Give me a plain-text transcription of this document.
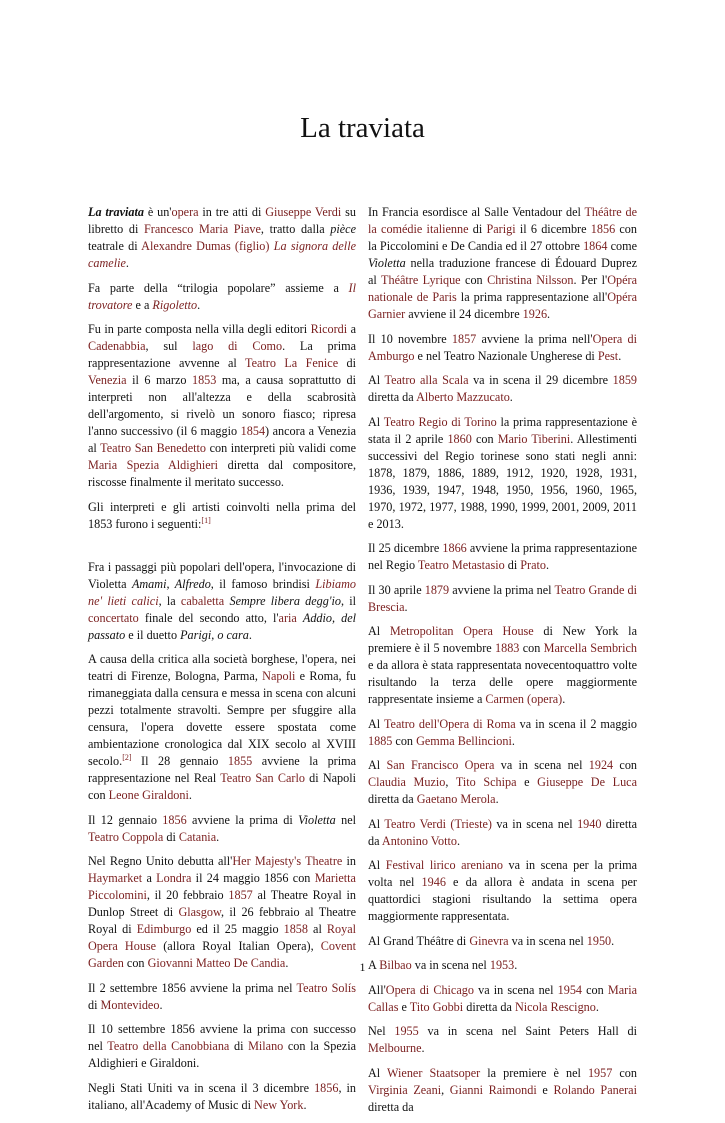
La traviata

La traviata è un'opera in tre atti di Giuseppe Verdi su libretto di Francesco Maria Piave, tratto dalla pièce teatrale di Alexandre Dumas (figlio) La signora delle camelie.

Fa parte della “trilogia popolare” assieme a Il trovatore e a Rigoletto.

Fu in parte composta nella villa degli editori Ricordi a Cadenabbia, sul lago di Como. La prima rappresentazione avvenne al Teatro La Fenice di Venezia il 6 marzo 1853 ma, a causa soprattutto di interpreti non all'altezza e della scabrosità dell'argomento, si rivelò un sonoro fiasco; ripresa l'anno successivo (il 6 maggio 1854) ancora a Venezia al Teatro San Benedetto con interpreti più validi come Maria Spezia Aldighieri diretta dal compositore, riscosse finalmente il meritato successo.

Gli interpreti e gli artisti coinvolti nella prima del 1853 furono i seguenti:[1]

Fra i passaggi più popolari dell'opera, l'invocazione di Violetta Amami, Alfredo, il famoso brindisi Libiamo ne' lieti calici, la cabaletta Sempre libera degg'io, il concertato finale del secondo atto, l'aria Addio, del passato e il duetto Parigi, o cara.

A causa della critica alla società borghese, l'opera, nei teatri di Firenze, Bologna, Parma, Napoli e Roma, fu rimaneggiata dalla censura e messa in scena con alcuni pezzi totalmente stravolti. Sempre per sfuggire alla censura, l'opera dovette essere spostata come ambientazione cronologica dal XIX secolo al XVIII secolo.[2] Il 28 gennaio 1855 avviene la prima rappresentazione nel Real Teatro San Carlo di Napoli con Leone Giraldoni.

Il 12 gennaio 1856 avviene la prima di Violetta nel Teatro Coppola di Catania.

Nel Regno Unito debutta all'Her Majesty's Theatre in Haymarket a Londra il 24 maggio 1856 con Marietta Piccolomini, il 20 febbraio 1857 al Theatre Royal in Dunlop Street di Glasgow, il 26 febbraio al Theatre Royal di Edimburgo ed il 25 maggio 1858 al Royal Opera House (allora Royal Italian Opera), Covent Garden con Giovanni Matteo De Candia.

Il 2 settembre 1856 avviene la prima nel Teatro Solís di Montevideo.

Il 10 settembre 1856 avviene la prima con successo nel Teatro della Canobbiana di Milano con la Spezia Aldighieri e Giraldoni.

Negli Stati Uniti va in scena il 3 dicembre 1856, in italiano, all'Academy of Music di New York.

In Francia esordisce al Salle Ventadour del Théâtre de la comédie italienne di Parigi il 6 dicembre 1856 con la Piccolomini e De Candia ed il 27 ottobre 1864 come Violetta nella traduzione francese di Édouard Duprez al Théâtre Lyrique con Christina Nilsson. Per l'Opéra nationale de Paris la prima rappresentazione all'Opéra Garnier avviene il 24 dicembre 1926.

Il 10 novembre 1857 avviene la prima nell'Opera di Amburgo e nel Teatro Nazionale Ungherese di Pest.

Al Teatro alla Scala va in scena il 29 dicembre 1859 diretta da Alberto Mazzucato.

Al Teatro Regio di Torino la prima rappresentazione è stata il 2 aprile 1860 con Mario Tiberini. Allestimenti successivi del Regio torinese sono stati negli anni: 1878, 1879, 1886, 1889, 1912, 1920, 1928, 1931, 1936, 1939, 1947, 1948, 1950, 1956, 1960, 1965, 1970, 1972, 1977, 1988, 1990, 1999, 2001, 2009, 2011 e 2013.

Il 25 dicembre 1866 avviene la prima rappresentazione nel Regio Teatro Metastasio di Prato.

Il 30 aprile 1879 avviene la prima nel Teatro Grande di Brescia.

Al Metropolitan Opera House di New York la premiere è il 5 novembre 1883 con Marcella Sembrich e da allora è stata rappresentata novecentoquattro volte risultando la terza delle opere maggiormente rappresentate insieme a Carmen (opera).

Al Teatro dell'Opera di Roma va in scena il 2 maggio 1885 con Gemma Bellincioni.

Al San Francisco Opera va in scena nel 1924 con Claudia Muzio, Tito Schipa e Giuseppe De Luca diretta da Gaetano Merola.

Al Teatro Verdi (Trieste) va in scena nel 1940 diretta da Antonino Votto.

Al Festival lirico areniano va in scena per la prima volta nel 1946 e da allora è andata in scena per quattordici stagioni risultando la settima opera maggiormente rappresentata.

Al Grand Théâtre di Ginevra va in scena nel 1950.

A Bilbao va in scena nel 1953.

All'Opera di Chicago va in scena nel 1954 con Maria Callas e Tito Gobbi diretta da Nicola Rescigno.

Nel 1955 va in scena nel Saint Peters Hall di Melbourne.

Al Wiener Staatsoper la premiere è nel 1957 con Virginia Zeani, Gianni Raimondi e Rolando Panerai diretta da

1
